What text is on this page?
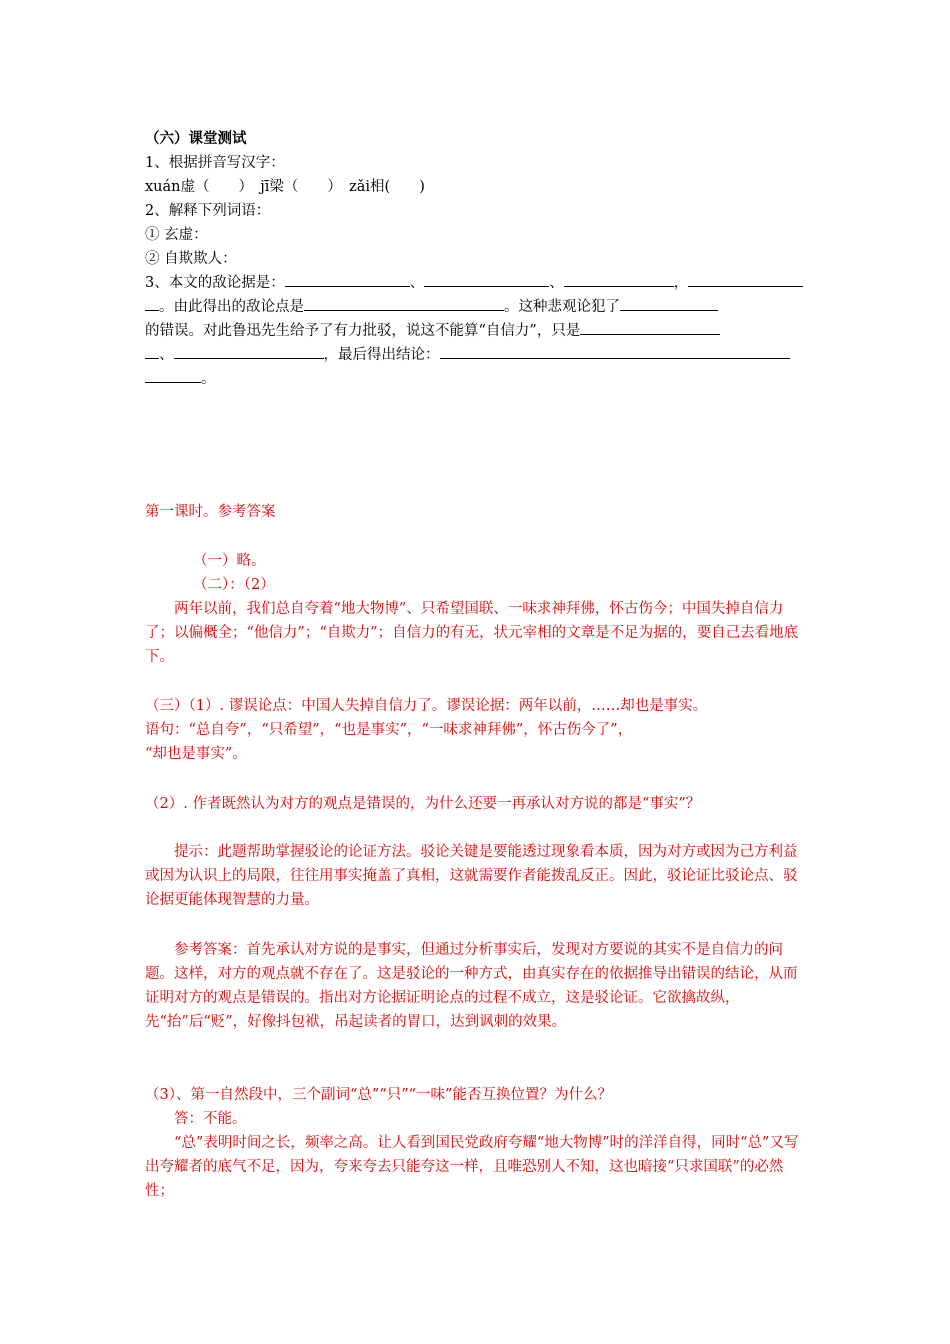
（六）课堂测试

1、根据拼音写汉字：

xuán虚（　　）　jī梁（　　）　zǎi相(　　)

2、解释下列词语：

① 玄虚：

② 自欺欺人：

3、本文的敌论据是：	、	、	，

。由此得出的敌论点是	。这种悲观论犯了

的错误。对此鲁迅先生给予了有力批驳，说这不能算“自信力”，只是

、	，最后得出结论：

。

第一课时。参考答案

（一）略。

（二）：（2）

两年以前，我们总自夸着“地大物博”、只希望国联、一味求神拜佛，怀古伤今；中国失掉自信力了；以偏概全；“他信力”；“自欺力”；自信力的有无，状元宰相的文章是不足为据的，要自己去看地底下。

（三）（1）. 谬误论点：中国人失掉自信力了。谬误论据：两年以前，……却也是事实。

语句：“总自夸”，“只希望”，“也是事实”，“一味求神拜佛”，怀古伤今了”，

“却也是事实”。

（2）. 作者既然认为对方的观点是错误的，为什么还要一再承认对方说的都是“事实”？

提示：此题帮助掌握驳论的论证方法。驳论关键是要能透过现象看本质，因为对方或因为己方利益或因为认识上的局限，往往用事实掩盖了真相，这就需要作者能拨乱反正。因此，驳论证比驳论点、驳论据更能体现智慧的力量。

参考答案：首先承认对方说的是事实，但通过分析事实后，发现对方要说的其实不是自信力的问题。这样，对方的观点就不存在了。这是驳论的一种方式，由真实存在的依据推导出错误的结论，从而证明对方的观点是错误的。指出对方论据证明论点的过程不成立，这是驳论证。它欲擒故纵，先“抬”后“贬”，好像抖包袱，吊起读者的胃口，达到讽刺的效果。

（3）、第一自然段中，三个副词“总”“只”“一味”能否互换位置？为什么？

答：不能。

“总”表明时间之长，频率之高。让人看到国民党政府夸耀“地大物博”时的洋洋自得，同时“总”又写出夸耀者的底气不足，因为，夸来夸去只能夸这一样，且唯恐别人不知，这也暗接“只求国联”的必然性；
